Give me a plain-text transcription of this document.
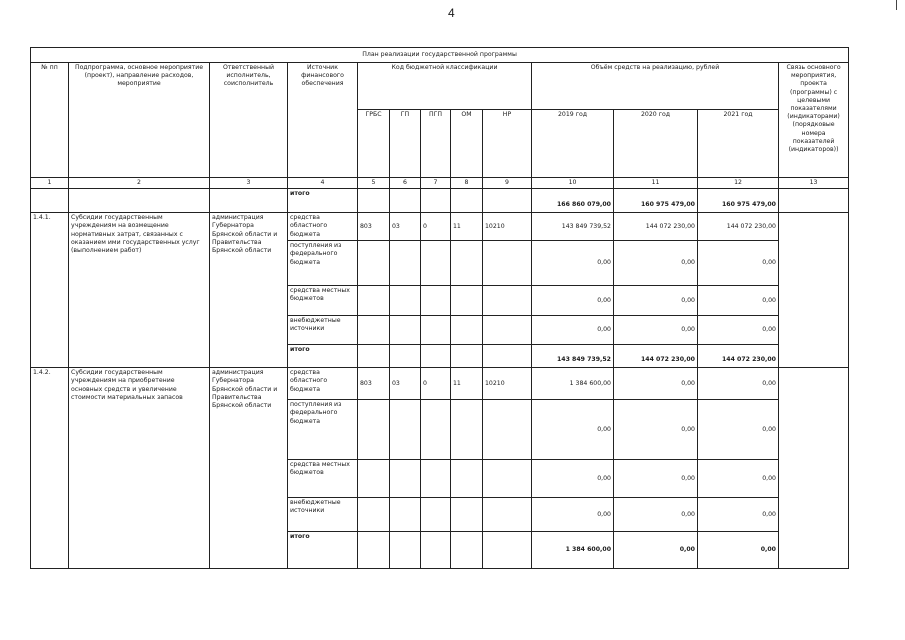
4
План реализации государственной программы												
№ пп	Подпрограмма, основное мероприятие (проект), направление расходов, мероприятие	Ответственный исполнитель, соисполнитель	Источник финансового обеспечения	Код бюджетной классификации					Объём средств на реализацию, рублей			Связь основного мероприятия, проекта (программы) с целевыми показателями (индикаторами) (порядковые номера показателей (индикаторов))
				ГРБС	ГП	ПГП	ОМ	НР	2019 год	2020 год	2021 год	
1	2	3	4	5	6	7	8	9	10	11	12	13
			итого						166 860 079,00	160 975 479,00	160 975 479,00	
1.4.1.	Субсидии государственным учреждениям на возмещение нормативных затрат, связанных с оказанием ими государственных услуг (выполнением работ)	администрация Губернатора Брянской области и Правительства Брянской области	средства областного бюджета	803	03	0	11	10210	143 849 739,52	144 072 230,00	144 072 230,00	
			поступления из федерального бюджета						0,00	0,00	0,00	
			средства местных бюджетов						0,00	0,00	0,00	
			внебюджетные источники						0,00	0,00	0,00	
			итого						143 849 739,52	144 072 230,00	144 072 230,00	
1.4.2.	Субсидии государственным учреждениям на приобретение основных средств и увеличение стоимости материальных запасов	администрация Губернатора Брянской области и Правительства Брянской области	средства областного бюджета	803	03	0	11	10210	1 384 600,00	0,00	0,00	
			поступления из федерального бюджета						0,00	0,00	0,00	
			средства местных бюджетов						0,00	0,00	0,00	
			внебюджетные источники						0,00	0,00	0,00	
			итого						1 384 600,00	0,00	0,00	
